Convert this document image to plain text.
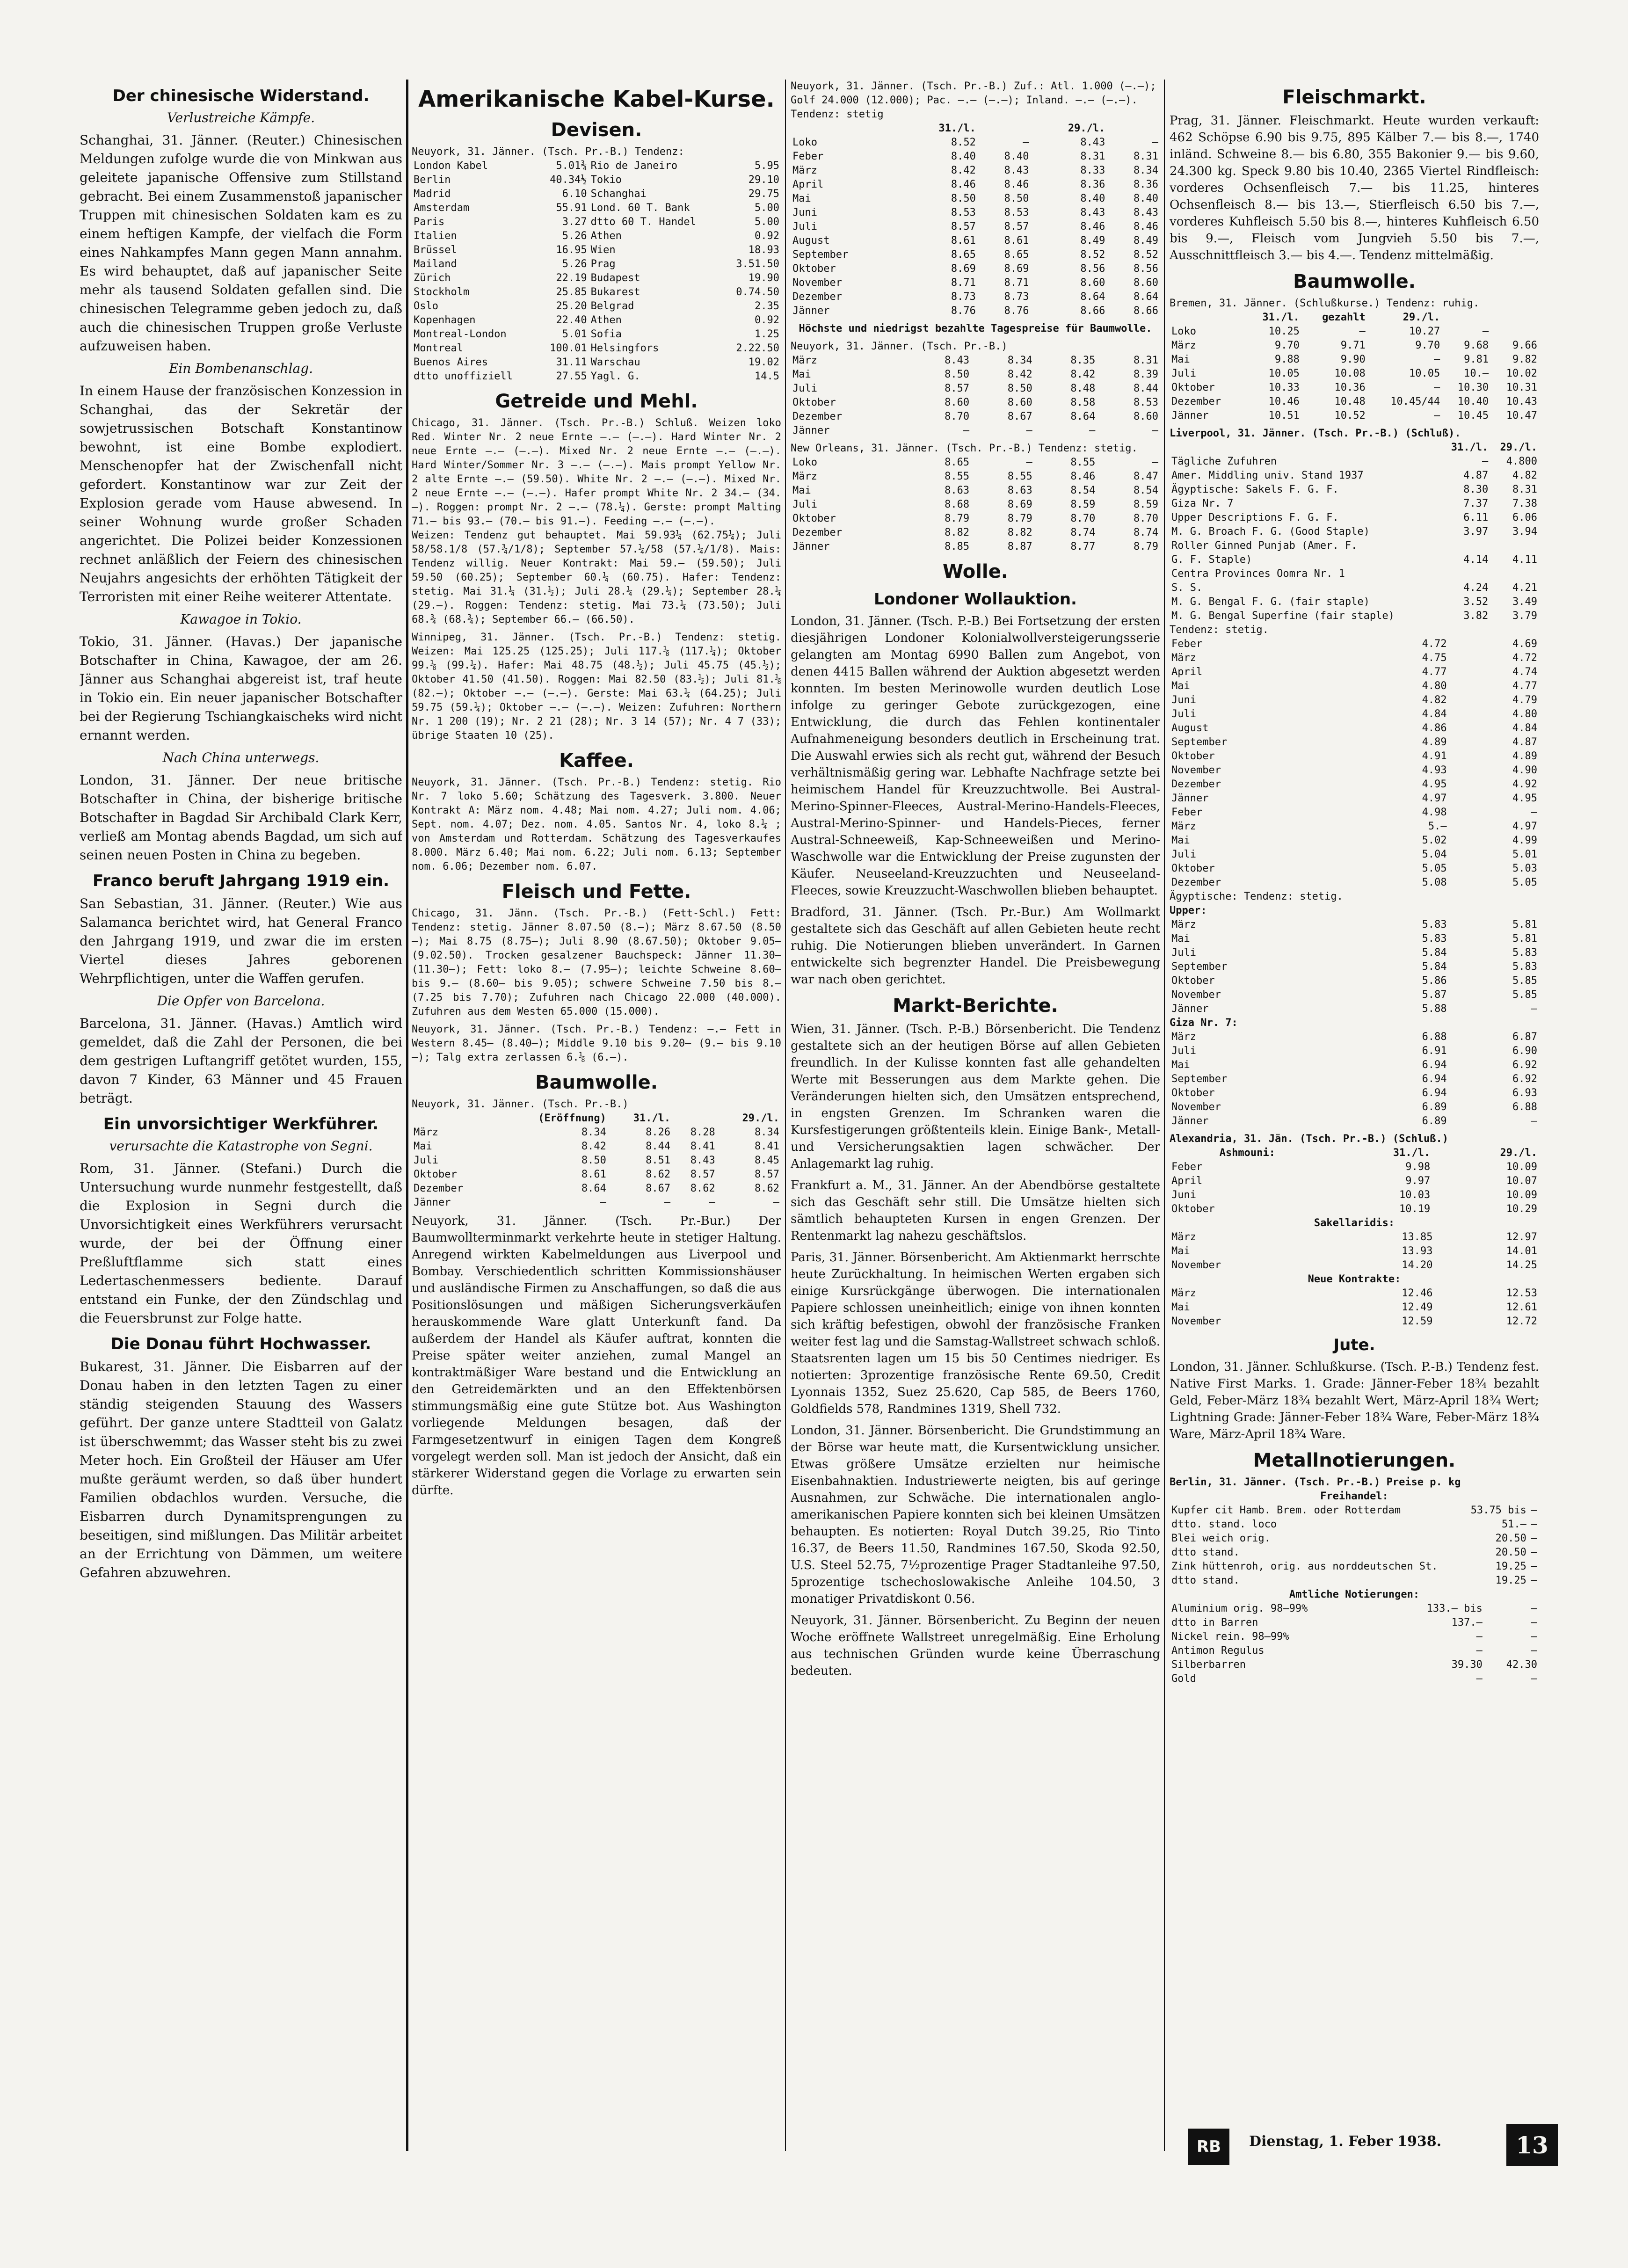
Der chinesische Widerstand.
Verlustreiche Kämpfe.
Schanghai, 31. Jänner. (Reuter.) Chinesischen Meldungen zufolge wurde die von Minkwan aus geleitete japanische Offensive zum Stillstand gebracht. Bei einem Zusammenstoß japanischer Truppen mit chinesischen Soldaten kam es zu einem heftigen Kampfe, der vielfach die Form eines Nahkampfes Mann gegen Mann annahm. Es wird behauptet, daß auf japanischer Seite mehr als tausend Soldaten gefallen sind. Die chinesischen Telegramme geben jedoch zu, daß auch die chinesischen Truppen große Verluste aufzuweisen haben.
Ein Bombenanschlag.
In einem Hause der französischen Konzession in Schanghai, das der Sekretär der sowjetrussischen Botschaft Konstantinow bewohnt, ist eine Bombe explodiert. Menschenopfer hat der Zwischenfall nicht gefordert. Konstantinow war zur Zeit der Explosion gerade vom Hause abwesend. In seiner Wohnung wurde großer Schaden angerichtet. Die Polizei beider Konzessionen rechnet anläßlich der Feiern des chinesischen Neujahrs angesichts der erhöhten Tätigkeit der Terroristen mit einer Reihe weiterer Attentate.
Kawagoe in Tokio.
Tokio, 31. Jänner. (Havas.) Der japanische Botschafter in China, Kawagoe, der am 26. Jänner aus Schanghai abgereist ist, traf heute in Tokio ein. Ein neuer japanischer Botschafter bei der Regierung Tschiangkaischeks wird nicht ernannt werden.
Nach China unterwegs.
London, 31. Jänner. Der neue britische Botschafter in China, der bisherige britische Botschafter in Bagdad Sir Archibald Clark Kerr, verließ am Montag abends Bagdad, um sich auf seinen neuen Posten in China zu begeben.
Franco beruft Jahrgang 1919 ein.
San Sebastian, 31. Jänner. (Reuter.) Wie aus Salamanca berichtet wird, hat General Franco den Jahrgang 1919, und zwar die im ersten Viertel dieses Jahres geborenen Wehrpflichtigen, unter die Waffen gerufen.
Die Opfer von Barcelona.
Barcelona, 31. Jänner. (Havas.) Amtlich wird gemeldet, daß die Zahl der Personen, die bei dem gestrigen Luftangriff getötet wurden, 155, davon 7 Kinder, 63 Männer und 45 Frauen beträgt.
Ein unvorsichtiger Werkführer.
verursachte die Katastrophe von Segni.
Rom, 31. Jänner. (Stefani.) Durch die Untersuchung wurde nunmehr festgestellt, daß die Explosion in Segni durch die Unvorsichtigkeit eines Werkführers verursacht wurde, der bei der Öffnung einer Preßluftflamme sich statt eines Ledertaschenmessers bediente. Darauf entstand ein Funke, der den Zündschlag und die Feuersbrunst zur Folge hatte.
Die Donau führt Hochwasser.
Bukarest, 31. Jänner. Die Eisbarren auf der Donau haben in den letzten Tagen zu einer ständig steigenden Stauung des Wassers geführt. Der ganze untere Stadtteil von Galatz ist überschwemmt; das Wasser steht bis zu zwei Meter hoch. Ein Großteil der Häuser am Ufer mußte geräumt werden, so daß über hundert Familien obdachlos wurden. Versuche, die Eisbarren durch Dynamitsprengungen zu beseitigen, sind mißlungen. Das Militär arbeitet an der Errichtung von Dämmen, um weitere Gefahren abzuwehren.
Amerikanische Kabel-Kurse.
Devisen.
Neuyork, 31. Jänner. (Tsch. Pr.-B.) Tendenz:
London Kabel	5.01¾	Rio de Janeiro	5.95
Berlin	40.34½	Tokio	29.10
Madrid	6.10	Schanghai	29.75
Amsterdam	55.91	Lond. 60 T. Bank	5.00
Paris	3.27	dtto 60 T. Handel	5.00
Italien	5.26	Athen	0.92
Brüssel	16.95	Wien	18.93
Mailand	5.26	Prag	3.51.50
Zürich	22.19	Budapest	19.90
Stockholm	25.85	Bukarest	0.74.50
Oslo	25.20	Belgrad	2.35
Kopenhagen	22.40	Athen	0.92
Montreal-London	5.01	Sofia	1.25
Montreal	100.01	Helsingfors	2.22.50
Buenos Aires	31.11	Warschau	19.02
dtto unoffiziell	27.55	Yagl. G.	14.5
Getreide und Mehl.
Chicago, 31. Jänner. (Tsch. Pr.-B.) Schluß. Weizen loko Red. Winter Nr. 2 neue Ernte —.— (—.—). Hard Winter Nr. 2 neue Ernte —.— (—.—). Mixed Nr. 2 neue Ernte —.— (—.—). Hard Winter/Sommer Nr. 3 —.— (—.—). Mais prompt Yellow Nr. 2 alte Ernte —.— (59.50). White Nr. 2 —.— (—.—). Mixed Nr. 2 neue Ernte —.— (—.—). Hafer prompt White Nr. 2 34.— (34.—). Roggen: prompt Nr. 2 —.— (78.¼). Gerste: prompt Malting 71.— bis 93.— (70.— bis 91.—). Feeding —.— (—.—).
Weizen: Tendenz gut behauptet. Mai 59.93¼ (62.75¼); Juli 58/58.1/8 (57.¾/1/8); September 57.¼/58 (57.¼/1/8). Mais: Tendenz willig. Neuer Kontrakt: Mai 59.— (59.50); Juli 59.50 (60.25); September 60.¼ (60.75). Hafer: Tendenz: stetig. Mai 31.¼ (31.½); Juli 28.¼ (29.¼); September 28.¼ (29.—). Roggen: Tendenz: stetig. Mai 73.¼ (73.50); Juli 68.¾ (68.¾); September 66.— (66.50).
Winnipeg, 31. Jänner. (Tsch. Pr.-B.) Tendenz: stetig. Weizen: Mai 125.25 (125.25); Juli 117.⅛ (117.¼); Oktober 99.⅛ (99.¼). Hafer: Mai 48.75 (48.½); Juli 45.75 (45.½); Oktober 41.50 (41.50). Roggen: Mai 82.50 (83.½); Juli 81.⅛ (82.—); Oktober —.— (—.—). Gerste: Mai 63.¼ (64.25); Juli 59.75 (59.¼); Oktober —.— (—.—). Weizen: Zufuhren: Northern Nr. 1 200 (19); Nr. 2 21 (28); Nr. 3 14 (57); Nr. 4 7 (33); übrige Staaten 10 (25).
Kaffee.
Neuyork, 31. Jänner. (Tsch. Pr.-B.) Tendenz: stetig. Rio Nr. 7 loko 5.60; Schätzung des Tagesverk. 3.800. Neuer Kontrakt A: März nom. 4.48; Mai nom. 4.27; Juli nom. 4.06; Sept. nom. 4.07; Dez. nom. 4.05. Santos Nr. 4, loko 8.¼ ; von Amsterdam und Rotterdam. Schätzung des Tagesverkaufes 8.000. März 6.40; Mai nom. 6.22; Juli nom. 6.13; September nom. 6.06; Dezember nom. 6.07.
Fleisch und Fette.
Chicago, 31. Jänn. (Tsch. Pr.-B.) (Fett-Schl.) Fett: Tendenz: stetig. Jänner 8.07.50 (8.—); März 8.67.50 (8.50—); Mai 8.75 (8.75—); Juli 8.90 (8.67.50); Oktober 9.05— (9.02.50). Trocken gesalzener Bauchspeck: Jänner 11.30— (11.30—); Fett: loko 8.— (7.95—); leichte Schweine 8.60— bis 9.— (8.60— bis 9.05); schwere Schweine 7.50 bis 8.— (7.25 bis 7.70); Zufuhren nach Chicago 22.000 (40.000). Zufuhren aus dem Westen 65.000 (15.000).
Neuyork, 31. Jänner. (Tsch. Pr.-B.) Tendenz: —.— Fett in Western 8.45— (8.40—); Middle 9.10 bis 9.20— (9.— bis 9.10—); Talg extra zerlassen 6.⅛ (6.—).
Baumwolle.
Neuyork, 31. Jänner. (Tsch. Pr.-B.)
	(Eröffnung)	31./l.		29./l.
März	8.34	8.26	8.28	8.34
Mai	8.42	8.44	8.41	8.41
Juli	8.50	8.51	8.43	8.45
Oktober	8.61	8.62	8.57	8.57
Dezember	8.64	8.67	8.62	8.62
Jänner	—	—	—	—
Neuyork, 31. Jänner. (Tsch. Pr.-Bur.) Der Baumwollterminmarkt verkehrte heute in stetiger Haltung. Anregend wirkten Kabelmeldungen aus Liverpool und Bombay. Verschiedentlich schritten Kommissionshäuser und ausländische Firmen zu Anschaffungen, so daß die aus Positionslösungen und mäßigen Sicherungsverkäufen herauskommende Ware glatt Unterkunft fand. Da außerdem der Handel als Käufer auftrat, konnten die Preise später weiter anziehen, zumal Mangel an kontraktmäßiger Ware bestand und die Entwicklung an den Getreidemärkten und an den Effektenbörsen stimmungsmäßig eine gute Stütze bot. Aus Washington vorliegende Meldungen besagen, daß der Farmgesetzentwurf in einigen Tagen dem Kongreß vorgelegt werden soll. Man ist jedoch der Ansicht, daß ein stärkerer Widerstand gegen die Vorlage zu erwarten sein dürfte.
Neuyork, 31. Jänner. (Tsch. Pr.-B.) Zuf.: Atl. 1.000 (—.—); Golf 24.000 (12.000); Pac. —.— (—.—); Inland. —.— (—.—). Tendenz: stetig
	31./l.		29./l.	
Loko	8.52	—	8.43	—
Feber	8.40	8.40	8.31	8.31
März	8.42	8.43	8.33	8.34
April	8.46	8.46	8.36	8.36
Mai	8.50	8.50	8.40	8.40
Juni	8.53	8.53	8.43	8.43
Juli	8.57	8.57	8.46	8.46
August	8.61	8.61	8.49	8.49
September	8.65	8.65	8.52	8.52
Oktober	8.69	8.69	8.56	8.56
November	8.71	8.71	8.60	8.60
Dezember	8.73	8.73	8.64	8.64
Jänner	8.76	8.76	8.66	8.66
Höchste und niedrigst bezahlte Tagespreise für Baumwolle.
Neuyork, 31. Jänner. (Tsch. Pr.-B.)
März	8.43	8.34	8.35	8.31
Mai	8.50	8.42	8.42	8.39
Juli	8.57	8.50	8.48	8.44
Oktober	8.60	8.60	8.58	8.53
Dezember	8.70	8.67	8.64	8.60
Jänner	—	—	—	—
New Orleans, 31. Jänner. (Tsch. Pr.-B.) Tendenz: stetig.
Loko	8.65	—	8.55	—
März	8.55	8.55	8.46	8.47
Mai	8.63	8.63	8.54	8.54
Juli	8.68	8.69	8.59	8.59
Oktober	8.79	8.79	8.70	8.70
Dezember	8.82	8.82	8.74	8.74
Jänner	8.85	8.87	8.77	8.79
Wolle.
Londoner Wollauktion.
London, 31. Jänner. (Tsch. P.-B.) Bei Fortsetzung der ersten diesjährigen Londoner Kolonialwollversteigerungsserie gelangten am Montag 6990 Ballen zum Angebot, von denen 4415 Ballen während der Auktion abgesetzt werden konnten. Im besten Merinowolle wurden deutlich Lose infolge zu geringer Gebote zurückgezogen, eine Entwicklung, die durch das Fehlen kontinentaler Aufnahmeneigung besonders deutlich in Erscheinung trat. Die Auswahl erwies sich als recht gut, während der Besuch verhältnismäßig gering war. Lebhafte Nachfrage setzte bei heimischem Handel für Kreuzzuchtwolle. Bei Austral-Merino-Spinner-Fleeces, Austral-Merino-Handels-Fleeces, Austral-Merino-Spinner- und Handels-Pieces, ferner Austral-Schneeweiß, Kap-Schneeweißen und Merino-Waschwolle war die Entwicklung der Preise zugunsten der Käufer. Neuseeland-Kreuzzuchten und Neuseeland-Fleeces, sowie Kreuzzucht-Waschwollen blieben behauptet.
Bradford, 31. Jänner. (Tsch. Pr.-Bur.) Am Wollmarkt gestaltete sich das Geschäft auf allen Gebieten heute recht ruhig. Die Notierungen blieben unverändert. In Garnen entwickelte sich begrenzter Handel. Die Preisbewegung war nach oben gerichtet.
Markt-Berichte.
Wien, 31. Jänner. (Tsch. P.-B.) Börsenbericht. Die Tendenz gestaltete sich an der heutigen Börse auf allen Gebieten freundlich. In der Kulisse konnten fast alle gehandelten Werte mit Besserungen aus dem Markte gehen. Die Veränderungen hielten sich, den Umsätzen entsprechend, in engsten Grenzen. Im Schranken waren die Kursfestigerungen größtenteils klein. Einige Bank-, Metall- und Versicherungsaktien lagen schwächer. Der Anlagemarkt lag ruhig.
Frankfurt a. M., 31. Jänner. An der Abendbörse gestaltete sich das Geschäft sehr still. Die Umsätze hielten sich sämtlich behaupteten Kursen in engen Grenzen. Der Rentenmarkt lag nahezu geschäftslos.
Paris, 31. Jänner. Börsenbericht. Am Aktienmarkt herrschte heute Zurückhaltung. In heimischen Werten ergaben sich einige Kursrückgänge überwogen. Die internationalen Papiere schlossen uneinheitlich; einige von ihnen konnten sich kräftig befestigen, obwohl der französische Franken weiter fest lag und die Samstag-Wallstreet schwach schloß. Staatsrenten lagen um 15 bis 50 Centimes niedriger. Es notierten: 3prozentige französische Rente 69.50, Credit Lyonnais 1352, Suez 25.620, Cap 585, de Beers 1760, Goldfields 578, Randmines 1319, Shell 732.
London, 31. Jänner. Börsenbericht. Die Grundstimmung an der Börse war heute matt, die Kursentwicklung unsicher. Etwas größere Umsätze erzielten nur heimische Eisenbahnaktien. Industriewerte neigten, bis auf geringe Ausnahmen, zur Schwäche. Die internationalen anglo-amerikanischen Papiere konnten sich bei kleinen Umsätzen behaupten. Es notierten: Royal Dutch 39.25, Rio Tinto 16.37, de Beers 11.50, Randmines 167.50, Skoda 92.50, U.S. Steel 52.75, 7½prozentige Prager Stadtanleihe 97.50, 5prozentige tschechoslowakische Anleihe 104.50, 3 monatiger Privatdiskont 0.56.
Neuyork, 31. Jänner. Börsenbericht. Zu Beginn der neuen Woche eröffnete Wallstreet unregelmäßig. Eine Erholung aus technischen Gründen wurde keine Überraschung bedeuten.
Fleischmarkt.
Prag, 31. Jänner. Fleischmarkt. Heute wurden verkauft: 462 Schöpse 6.90 bis 9.75, 895 Kälber 7.— bis 8.—, 1740 inländ. Schweine 8.— bis 6.80, 355 Bakonier 9.— bis 9.60, 24.300 kg. Speck 9.80 bis 10.40, 2365 Viertel Rindfleisch: vorderes Ochsenfleisch 7.— bis 11.25, hinteres Ochsenfleisch 8.— bis 13.—, Stierfleisch 6.50 bis 7.—, vorderes Kuhfleisch 5.50 bis 8.—, hinteres Kuhfleisch 6.50 bis 9.—, Fleisch vom Jungvieh 5.50 bis 7.—, Ausschnittfleisch 3.— bis 4.—. Tendenz mittelmäßig.
Baumwolle.
Bremen, 31. Jänner. (Schlußkurse.) Tendenz: ruhig.
	31./l.	gezahlt	29./l.		
Loko	10.25	—	10.27	—	
März	9.70	9.71	9.70	9.68	9.66
Mai	9.88	9.90	—	9.81	9.82
Juli	10.05	10.08	10.05	10.—	10.02
Oktober	10.33	10.36	—	10.30	10.31
Dezember	10.46	10.48	10.45/44	10.40	10.43
Jänner	10.51	10.52	—	10.45	10.47
Liverpool, 31. Jänner. (Tsch. Pr.-B.) (Schluß).
	31./l.	29./l.
Tägliche Zufuhren	—	4.800
Amer. Middling univ. Stand 1937	4.87	4.82
Ägyptische: Sakels F. G. F.	8.30	8.31
Giza Nr. 7	7.37	7.38
Upper Descriptions F. G. F.	6.11	6.06
M. G. Broach F. G. (Good Staple)	3.97	3.94
Roller Ginned Punjab (Amer. F.		
G. F. Staple)	4.14	4.11
Centra Provinces Oomra Nr. 1		
S. S.	4.24	4.21
M. G. Bengal F. G. (fair staple)	3.52	3.49
M. G. Bengal Superfine (fair staple)	3.82	3.79
Tendenz: stetig.
Feber	4.72	4.69
März	4.75	4.72
April	4.77	4.74
Mai	4.80	4.77
Juni	4.82	4.79
Juli	4.84	4.80
August	4.86	4.84
September	4.89	4.87
Oktober	4.91	4.89
November	4.93	4.90
Dezember	4.95	4.92
Jänner	4.97	4.95
Feber	4.98	—
März	5.—	4.97
Mai	5.02	4.99
Juli	5.04	5.01
Oktober	5.05	5.03
Dezember	5.08	5.05
Ägyptische: Tendenz: stetig.
Upper:
März	5.83	5.81
Mai	5.83	5.81
Juli	5.84	5.83
September	5.84	5.83
Oktober	5.86	5.85
November	5.87	5.85
Jänner	5.88	—
Giza Nr. 7:
März	6.88	6.87
Juli	6.91	6.90
Mai	6.94	6.92
September	6.94	6.92
Oktober	6.94	6.93
November	6.89	6.88
Jänner	6.89	—
Alexandria, 31. Jän. (Tsch. Pr.-B.) (Schluß.)
Ashmouni:	31./l.	29./l.
Feber	9.98	10.09
April	9.97	10.07
Juni	10.03	10.09
Oktober	10.19	10.29
Sakellaridis:
März	13.85	12.97
Mai	13.93	14.01
November	14.20	14.25
Neue Kontrakte:
März	12.46	12.53
Mai	12.49	12.61
November	12.59	12.72
Jute.
London, 31. Jänner. Schlußkurse. (Tsch. P.-B.) Tendenz fest. Native First Marks. 1. Grade: Jänner-Feber 18¾ bezahlt Geld, Feber-März 18¾ bezahlt Wert, März-April 18¾ Wert; Lightning Grade: Jänner-Feber 18¾ Ware, Feber-März 18¾ Ware, März-April 18¾ Ware.
Metallnotierungen.
Berlin, 31. Jänner. (Tsch. Pr.-B.) Preise p. kg
Freihandel:
Kupfer cit Hamb. Brem. oder Rotterdam	53.75 bis	—
dtto. stand. loco	51.—	—
Blei weich orig.	20.50	—
dtto stand.	20.50	—
Zink hüttenroh, orig. aus norddeutschen St.	19.25	—
dtto stand.	19.25	—
Amtliche Notierungen:
Aluminium orig. 98—99%	133.— bis	—
dtto in Barren	137.—	—
Nickel rein. 98—99%	—	—
Antimon Regulus	—	—
Silberbarren	39.30	42.30
Gold	—	—
RB	Dienstag, 1. Feber 1938.	13
